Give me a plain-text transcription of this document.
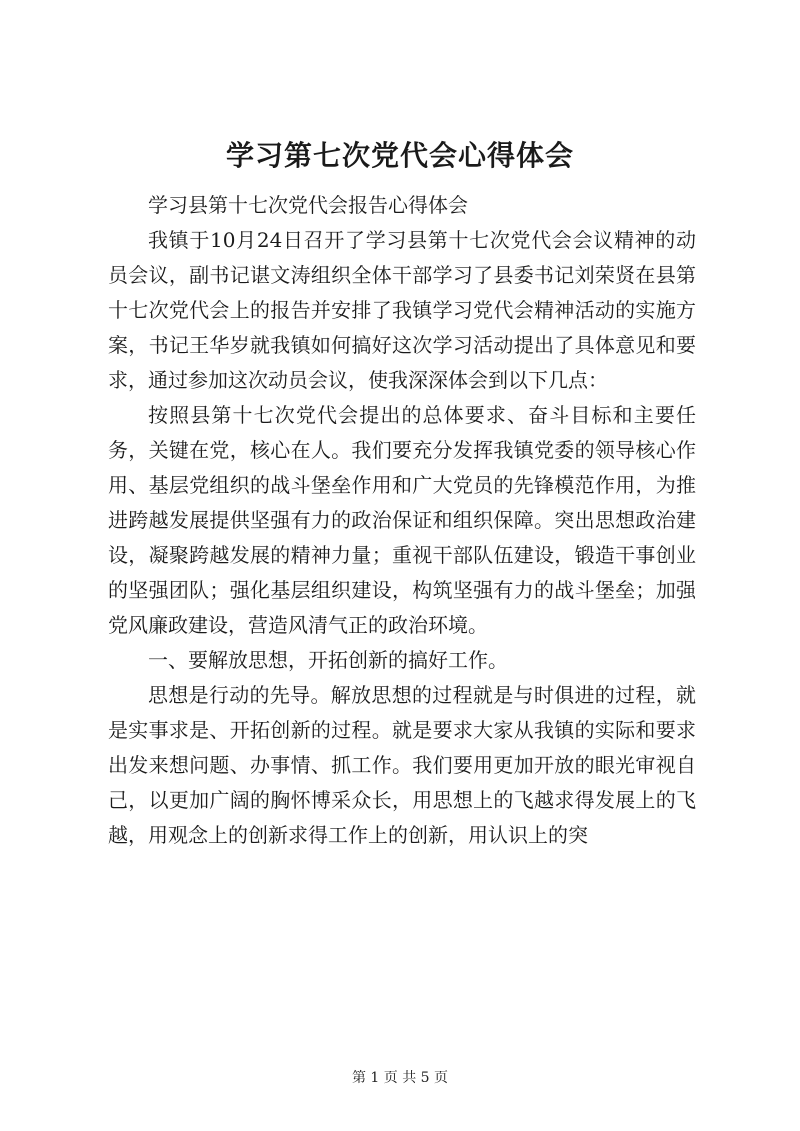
学习第七次党代会心得体会

学习县第十七次党代会报告心得体会

我镇于10月24日召开了学习县第十七次党代会会议精神的动员会议，副书记谌文涛组织全体干部学习了县委书记刘荣贤在县第十七次党代会上的报告并安排了我镇学习党代会精神活动的实施方案，书记王华岁就我镇如何搞好这次学习活动提出了具体意见和要求，通过参加这次动员会议，使我深深体会到以下几点：

按照县第十七次党代会提出的总体要求、奋斗目标和主要任务，关键在党，核心在人。我们要充分发挥我镇党委的领导核心作用、基层党组织的战斗堡垒作用和广大党员的先锋模范作用，为推进跨越发展提供坚强有力的政治保证和组织保障。突出思想政治建设，凝聚跨越发展的精神力量；重视干部队伍建设，锻造干事创业的坚强团队；强化基层组织建设，构筑坚强有力的战斗堡垒；加强党风廉政建设，营造风清气正的政治环境。

一、要解放思想，开拓创新的搞好工作。

思想是行动的先导。解放思想的过程就是与时俱进的过程，就是实事求是、开拓创新的过程。就是要求大家从我镇的实际和要求出发来想问题、办事情、抓工作。我们要用更加开放的眼光审视自己，以更加广阔的胸怀博采众长，用思想上的飞越求得发展上的飞越，用观念上的创新求得工作上的创新，用认识上的突

第 1 页 共 5 页
